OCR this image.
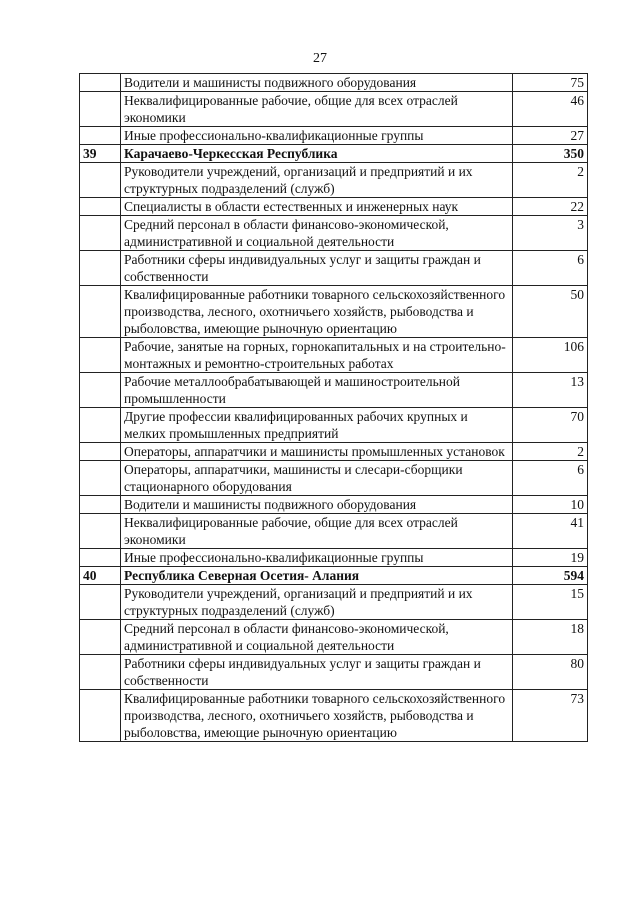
27
	Водители и машинисты подвижного оборудования	75
	Неквалифицированные рабочие, общие для всех отраслей экономики	46
	Иные профессионально-квалификационные группы	27
39	Карачаево-Черкесская Республика	350
	Руководители учреждений, организаций и предприятий и их структурных подразделений (служб)	2
	Специалисты в области естественных и инженерных наук	22
	Средний персонал в области финансово-экономической, административной и социальной деятельности	3
	Работники сферы индивидуальных услуг и защиты граждан и собственности	6
	Квалифицированные работники товарного сельскохозяйственного производства, лесного, охотничьего хозяйств, рыбоводства и рыболовства, имеющие рыночную ориентацию	50
	Рабочие, занятые на горных, горнокапитальных и на строительно-монтажных и ремонтно-строительных работах	106
	Рабочие металлообрабатывающей и машиностроительной промышленности	13
	Другие профессии квалифицированных рабочих крупных и мелких промышленных предприятий	70
	Операторы, аппаратчики и машинисты промышленных установок	2
	Операторы, аппаратчики, машинисты и слесари-сборщики стационарного оборудования	6
	Водители и машинисты подвижного оборудования	10
	Неквалифицированные рабочие, общие для всех отраслей экономики	41
	Иные профессионально-квалификационные группы	19
40	Республика Северная Осетия- Алания	594
	Руководители учреждений, организаций и предприятий и их структурных подразделений (служб)	15
	Средний персонал в области финансово-экономической, административной и социальной деятельности	18
	Работники сферы индивидуальных услуг и защиты граждан и собственности	80
	Квалифицированные работники товарного сельскохозяйственного производства, лесного, охотничьего хозяйств, рыбоводства и рыболовства, имеющие рыночную ориентацию	73
